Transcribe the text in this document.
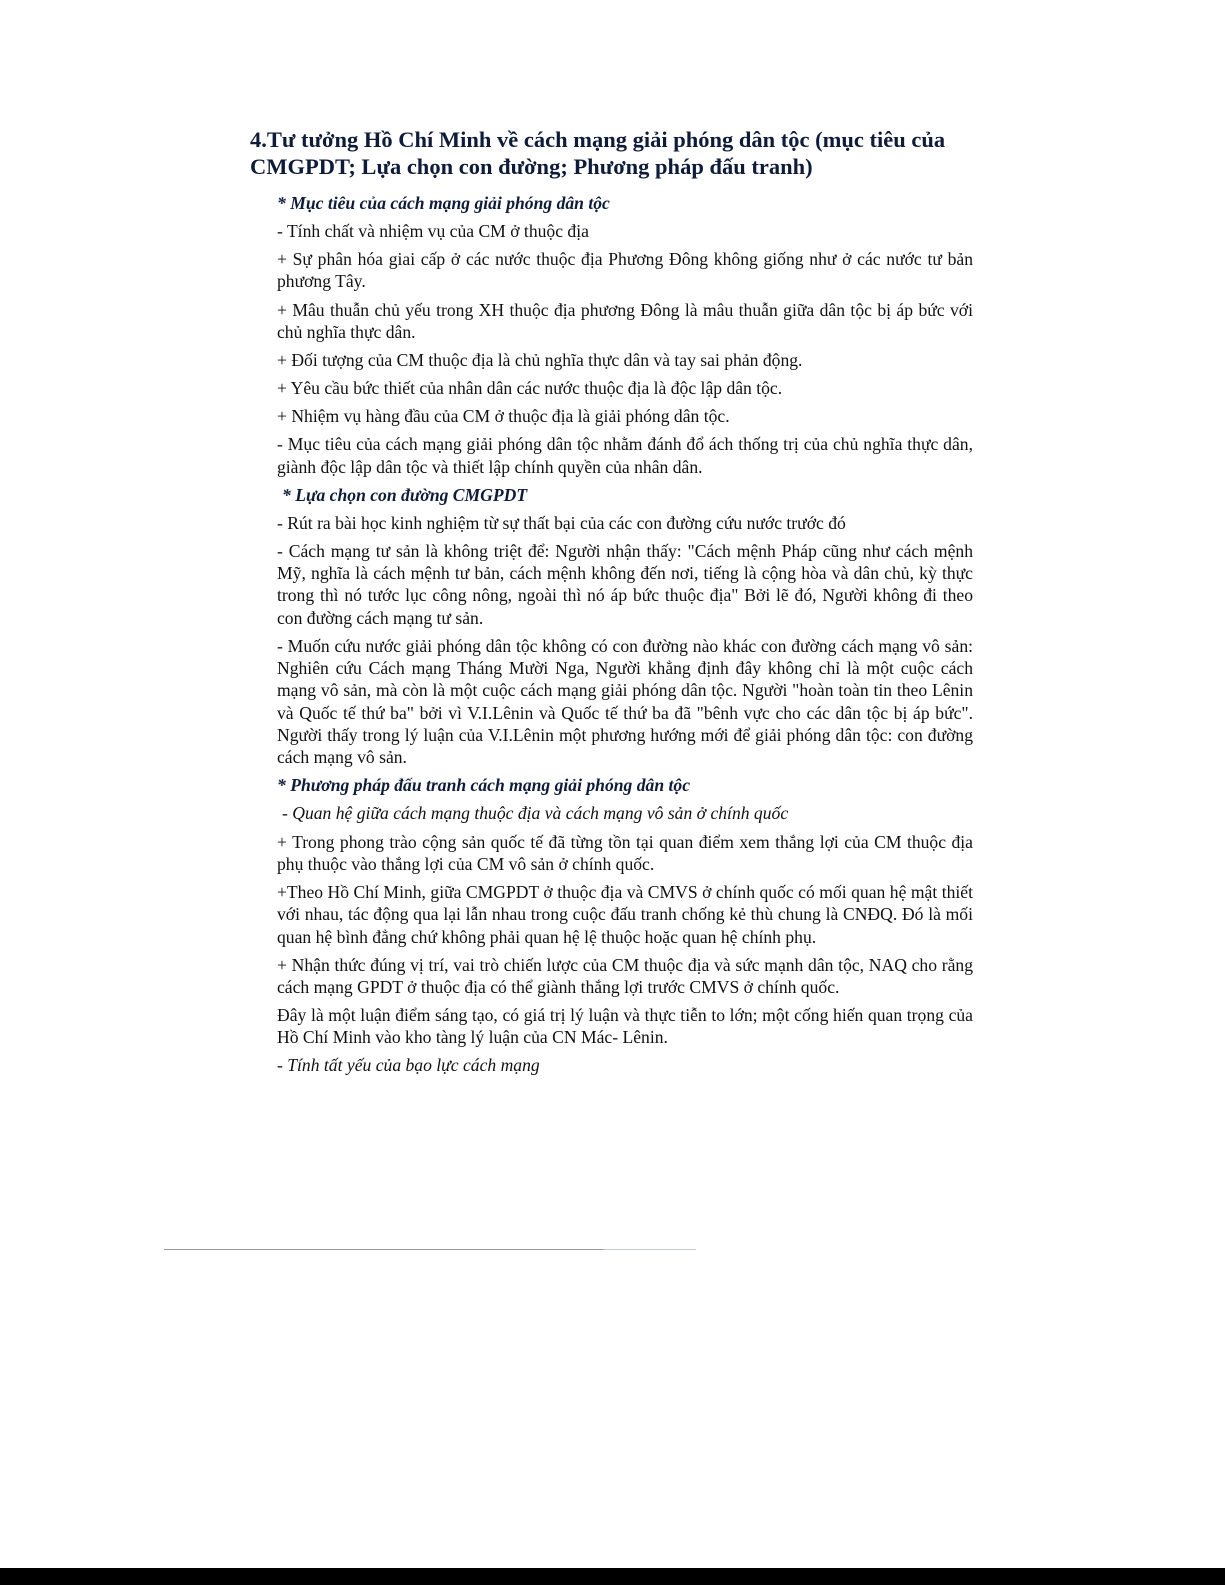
4.Tư tưởng Hồ Chí Minh về cách mạng giải phóng dân tộc (mục tiêu của CMGPDT; Lựa chọn con đường; Phương pháp đấu tranh)

* Mục tiêu của cách mạng giải phóng dân tộc

- Tính chất và nhiệm vụ của CM ở thuộc địa

+ Sự phân hóa giai cấp ở các nước thuộc địa Phương Đông không giống như ở các nước tư bản phương Tây.

+ Mâu thuẫn chủ yếu trong XH thuộc địa phương Đông là mâu thuẫn giữa dân tộc bị áp bức với chủ nghĩa thực dân.

+ Đối tượng của CM thuộc địa là chủ nghĩa thực dân và tay sai phản động.

+ Yêu cầu bức thiết của nhân dân các nước thuộc địa là độc lập dân tộc.

+ Nhiệm vụ hàng đầu của CM ở thuộc địa là giải phóng dân tộc.

- Mục tiêu của cách mạng giải phóng dân tộc nhằm đánh đổ ách thống trị của chủ nghĩa thực dân, giành độc lập dân tộc và thiết lập chính quyền của nhân dân.

* Lựa chọn con đường CMGPDT

- Rút ra bài học kinh nghiệm từ sự thất bại của các con đường cứu nước trước đó

- Cách mạng tư sản là không triệt để: Người nhận thấy: "Cách mệnh Pháp cũng như cách mệnh Mỹ, nghĩa là cách mệnh tư bản, cách mệnh không đến nơi, tiếng là cộng hòa và dân chủ, kỳ thực trong thì nó tước lục công nông, ngoài thì nó áp bức thuộc địa" Bởi lẽ đó, Người không đi theo con đường cách mạng tư sản.

- Muốn cứu nước giải phóng dân tộc không có con đường nào khác con đường cách mạng vô sản: Nghiên cứu Cách mạng Tháng Mười Nga, Người khẳng định đây không chỉ là một cuộc cách mạng vô sản, mà còn là một cuộc cách mạng giải phóng dân tộc. Người "hoàn toàn tin theo Lênin và Quốc tế thứ ba" bởi vì V.I.Lênin và Quốc tế thứ ba đã "bênh vực cho các dân tộc bị áp bức". Người thấy trong lý luận của V.I.Lênin một phương hướng mới để giải phóng dân tộc: con đường cách mạng vô sản.

* Phương pháp đấu tranh cách mạng giải phóng dân tộc

- Quan hệ giữa cách mạng thuộc địa và cách mạng vô sản ở chính quốc

+ Trong phong trào cộng sản quốc tế đã từng tồn tại quan điểm xem thắng lợi của CM thuộc địa phụ thuộc vào thắng lợi của CM vô sản ở chính quốc.

+Theo Hồ Chí Minh, giữa CMGPDT ở thuộc địa và CMVS ở chính quốc có mối quan hệ mật thiết với nhau, tác động qua lại lẫn nhau trong cuộc đấu tranh chống kẻ thù chung là CNĐQ. Đó là mối quan hệ bình đẳng chứ không phải quan hệ lệ thuộc hoặc quan hệ chính phụ.

+ Nhận thức đúng vị trí, vai trò chiến lược của CM thuộc địa và sức mạnh dân tộc, NAQ cho rằng cách mạng GPDT ở thuộc địa có thể giành thắng lợi trước CMVS ở chính quốc.

Đây là một luận điểm sáng tạo, có giá trị lý luận và thực tiễn to lớn; một cống hiến quan trọng của Hồ Chí Minh vào kho tàng lý luận của CN Mác- Lênin.

- Tính tất yếu của bạo lực cách mạng
